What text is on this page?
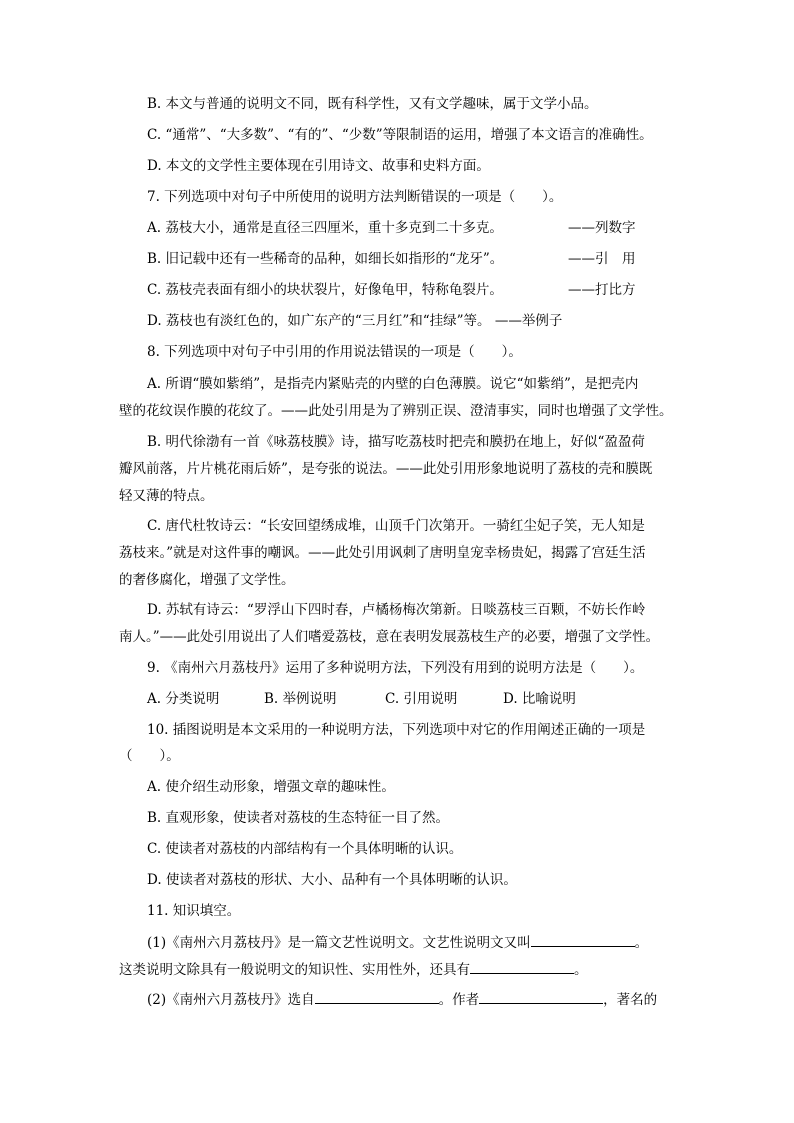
B. 本文与普通的说明文不同，既有科学性，又有文学趣味，属于文学小品。
C. “通常”、“大多数”、“有的”、“少数”等限制语的运用，增强了本文语言的准确性。
D. 本文的文学性主要体现在引用诗文、故事和史料方面。
7. 下列选项中对句子中所使用的说明方法判断错误的一项是（　　）。
A. 荔枝大小，通常是直径三四厘米，重十多克到二十多克。	——列数字
B. 旧记载中还有一些稀奇的品种，如细长如指形的“龙牙”。	——引　用
C. 荔枝壳表面有细小的块状裂片，好像龟甲，特称龟裂片。	——打比方
D. 荔枝也有淡红色的，如广东产的“三月红”和“挂绿”等。 ——举例子
8. 下列选项中对句子中引用的作用说法错误的一项是（　　）。
A. 所谓“膜如紫绡”，是指壳内紧贴壳的内壁的白色薄膜。说它“如紫绡”，是把壳内
壁的花纹误作膜的花纹了。——此处引用是为了辨别正误、澄清事实，同时也增强了文学性。
B. 明代徐渤有一首《咏荔枝膜》诗，描写吃荔枝时把壳和膜扔在地上，好似“盈盈荷
瓣风前落，片片桃花雨后娇”，是夸张的说法。——此处引用形象地说明了荔枝的壳和膜既
轻又薄的特点。
C. 唐代杜牧诗云：“长安回望绣成堆，山顶千门次第开。一骑红尘妃子笑，无人知是
荔枝来。”就是对这件事的嘲讽。——此处引用讽刺了唐明皇宠幸杨贵妃，揭露了宫廷生活
的奢侈腐化，增强了文学性。
D. 苏轼有诗云：“罗浮山下四时春，卢橘杨梅次第新。日啖荔枝三百颗，不妨长作岭
南人。”——此处引用说出了人们嗜爱荔枝，意在表明发展荔枝生产的必要，增强了文学性。
9. 《南州六月荔枝丹》运用了多种说明方法，下列没有用到的说明方法是（　　）。
A. 分类说明	B. 举例说明	C. 引用说明	D. 比喻说明
10. 插图说明是本文采用的一种说明方法，下列选项中对它的作用阐述正确的一项是
（　　）。
A. 使介绍生动形象，增强文章的趣味性。
B. 直观形象，使读者对荔枝的生态特征一目了然。
C. 使读者对荔枝的内部结构有一个具体明晰的认识。
D. 使读者对荔枝的形状、大小、品种有一个具体明晰的认识。
11. 知识填空。
(1)《南州六月荔枝丹》是一篇文艺性说明文。文艺性说明文又叫	。
这类说明文除具有一般说明文的知识性、实用性外，还具有	。
(2)《南州六月荔枝丹》选自	。作者	，著名的
